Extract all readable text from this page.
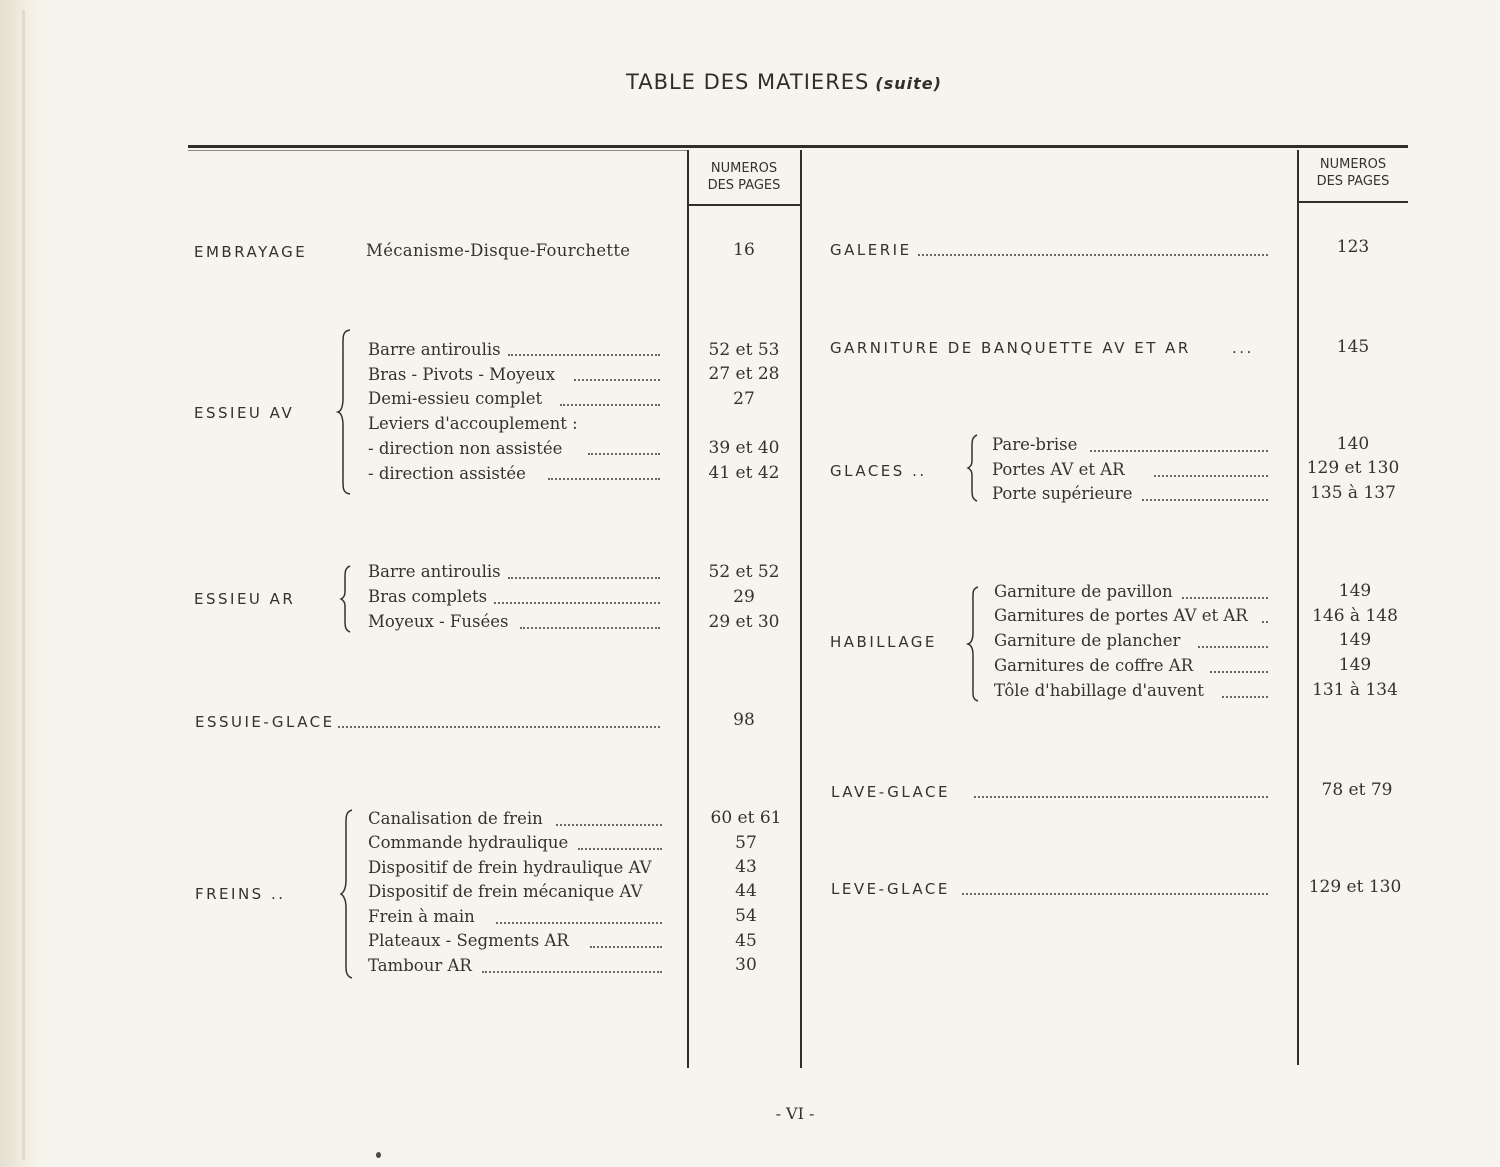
TABLE DES MATIERES (suite)
NUMEROS
DES PAGES
NUMEROS
DES PAGES
EMBRAYAGE	Mécanisme-Disque-Fourchette	16
ESSIEU AV
Barre antiroulis	52 et 53
Bras - Pivots - Moyeux	27 et 28
Demi-essieu complet	27
Leviers d'accouplement :
- direction non assistée	39 et 40
- direction assistée	41 et 42
ESSIEU AR
Barre antiroulis	52 et 52
Bras complets	29
Moyeux - Fusées	29 et 30
ESSUIE-GLACE	98
FREINS ..
Canalisation de frein	60 et 61
Commande hydraulique	57
Dispositif de frein hydraulique AV	43
Dispositif de frein mécanique AV	44
Frein à main	54
Plateaux - Segments AR	45
Tambour AR	30
GALERIE	123
GARNITURE DE BANQUETTE AV ET AR	...	145
GLACES ..
Pare-brise	140
Portes AV et AR	129 et 130
Porte supérieure	135 à 137
HABILLAGE
Garniture de pavillon	149
Garnitures de portes AV et AR	146 à 148
Garniture de plancher	149
Garnitures de coffre AR	149
Tôle d'habillage d'auvent	131 à 134
LAVE-GLACE	78 et 79
LEVE-GLACE	129 et 130
- VI -
